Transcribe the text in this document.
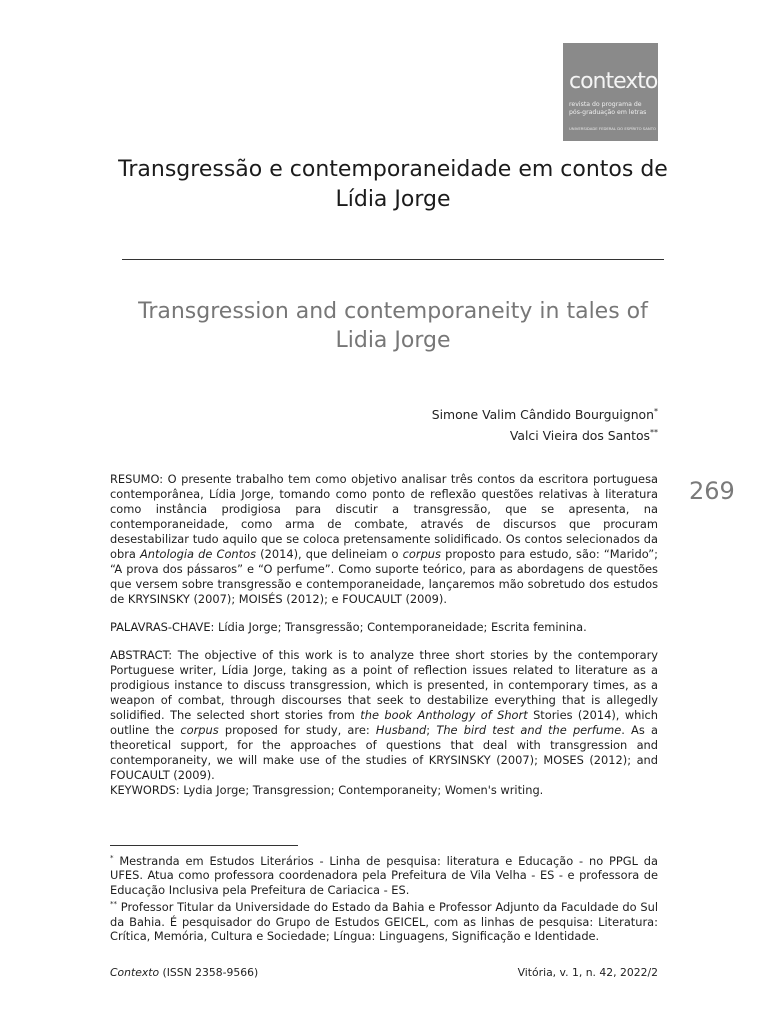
contexto
revista do programa de pós-graduação em letras
UNIVERSIDADE FEDERAL DO ESPÍRITO SANTO
Transgressão e contemporaneidade em contos de Lídia Jorge
Transgression and contemporaneity in tales of Lidia Jorge
Simone Valim Cândido Bourguignon*
Valci Vieira dos Santos**
269

RESUMO: O presente trabalho tem como objetivo analisar três contos da escritora portuguesa contemporânea, Lídia Jorge, tomando como ponto de reflexão questões relativas à literatura como instância prodigiosa para discutir a transgressão, que se apresenta, na contemporaneidade, como arma de combate, através de discursos que procuram desestabilizar tudo aquilo que se coloca pretensamente solidificado. Os contos selecionados da obra Antologia de Contos (2014), que delineiam o corpus proposto para estudo, são: “Marido”; “A prova dos pássaros” e “O perfume”. Como suporte teórico, para as abordagens de questões que versem sobre transgressão e contemporaneidade, lançaremos mão sobretudo dos estudos de KRYSINSKY (2007); MOISÉS (2012); e FOUCAULT (2009).

PALAVRAS-CHAVE: Lídia Jorge; Transgressão; Contemporaneidade; Escrita feminina.

ABSTRACT: The objective of this work is to analyze three short stories by the contemporary Portuguese writer, Lídia Jorge, taking as a point of reflection issues related to literature as a prodigious instance to discuss transgression, which is presented, in contemporary times, as a weapon of combat, through discourses that seek to destabilize everything that is allegedly solidified. The selected short stories from the book Anthology of Short Stories (2014), which outline the corpus proposed for study, are: Husband; The bird test and the perfume. As a theoretical support, for the approaches of questions that deal with transgression and contemporaneity, we will make use of the studies of KRYSINSKY (2007); MOSES (2012); and FOUCAULT (2009).

KEYWORDS: Lydia Jorge; Transgression; Contemporaneity; Women's writing.

* Mestranda em Estudos Literários - Linha de pesquisa: literatura e Educação - no PPGL da UFES. Atua como professora coordenadora pela Prefeitura de Vila Velha - ES - e professora de Educação Inclusiva pela Prefeitura de Cariacica - ES.
** Professor Titular da Universidade do Estado da Bahia e Professor Adjunto da Faculdade do Sul da Bahia. É pesquisador do Grupo de Estudos GEICEL, com as linhas de pesquisa: Literatura: Crítica, Memória, Cultura e Sociedade; Língua: Linguagens, Significação e Identidade.
Contexto (ISSN 2358-9566)	Vitória, v. 1, n. 42, 2022/2
